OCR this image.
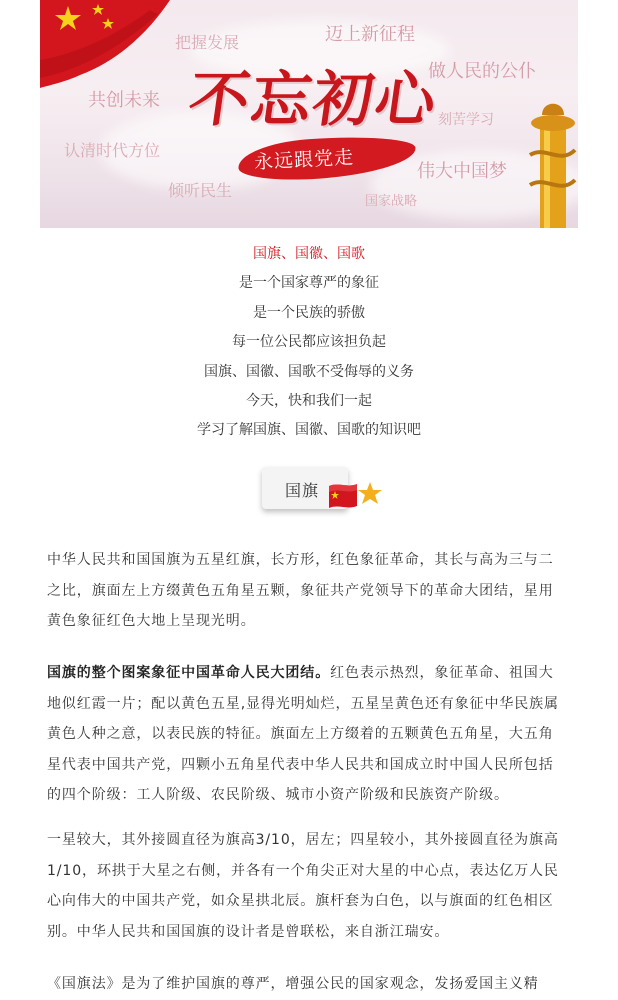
把握发展	迈上新征程
做人民的公仆
共创未来
刻苦学习
认清时代方位
伟大中国梦
倾听民生
国家战略
不忘初心
永远跟党走
国旗、国徽、国歌
是一个国家尊严的象征
是一个民族的骄傲
每一位公民都应该担负起
国旗、国徽、国歌不受侮辱的义务
今天，快和我们一起
学习了解国旗、国徽、国歌的知识吧
国旗
中华人民共和国国旗为五星红旗，长方形，红色象征革命，其长与高为三与二
之比，旗面左上方缀黄色五角星五颗，象征共产党领导下的革命大团结，星用
黄色象征红色大地上呈现光明。
国旗的整个图案象征中国革命人民大团结。红色表示热烈，象征革命、祖国大
地似红霞一片；配以黄色五星,显得光明灿烂，五星呈黄色还有象征中华民族属
黄色人种之意，以表民族的特征。旗面左上方缀着的五颗黄色五角星，大五角
星代表中国共产党，四颗小五角星代表中华人民共和国成立时中国人民所包括
的四个阶级：工人阶级、农民阶级、城市小资产阶级和民族资产阶级。
一星较大，其外接圆直径为旗高3/10，居左；四星较小，其外接圆直径为旗高
1/10，环拱于大星之右侧，并各有一个角尖正对大星的中心点，表达亿万人民
心向伟大的中国共产党，如众星拱北辰。旗杆套为白色，以与旗面的红色相区
别。中华人民共和国国旗的设计者是曾联松，来自浙江瑞安。
《国旗法》是为了维护国旗的尊严，增强公民的国家观念，发扬爱国主义精
